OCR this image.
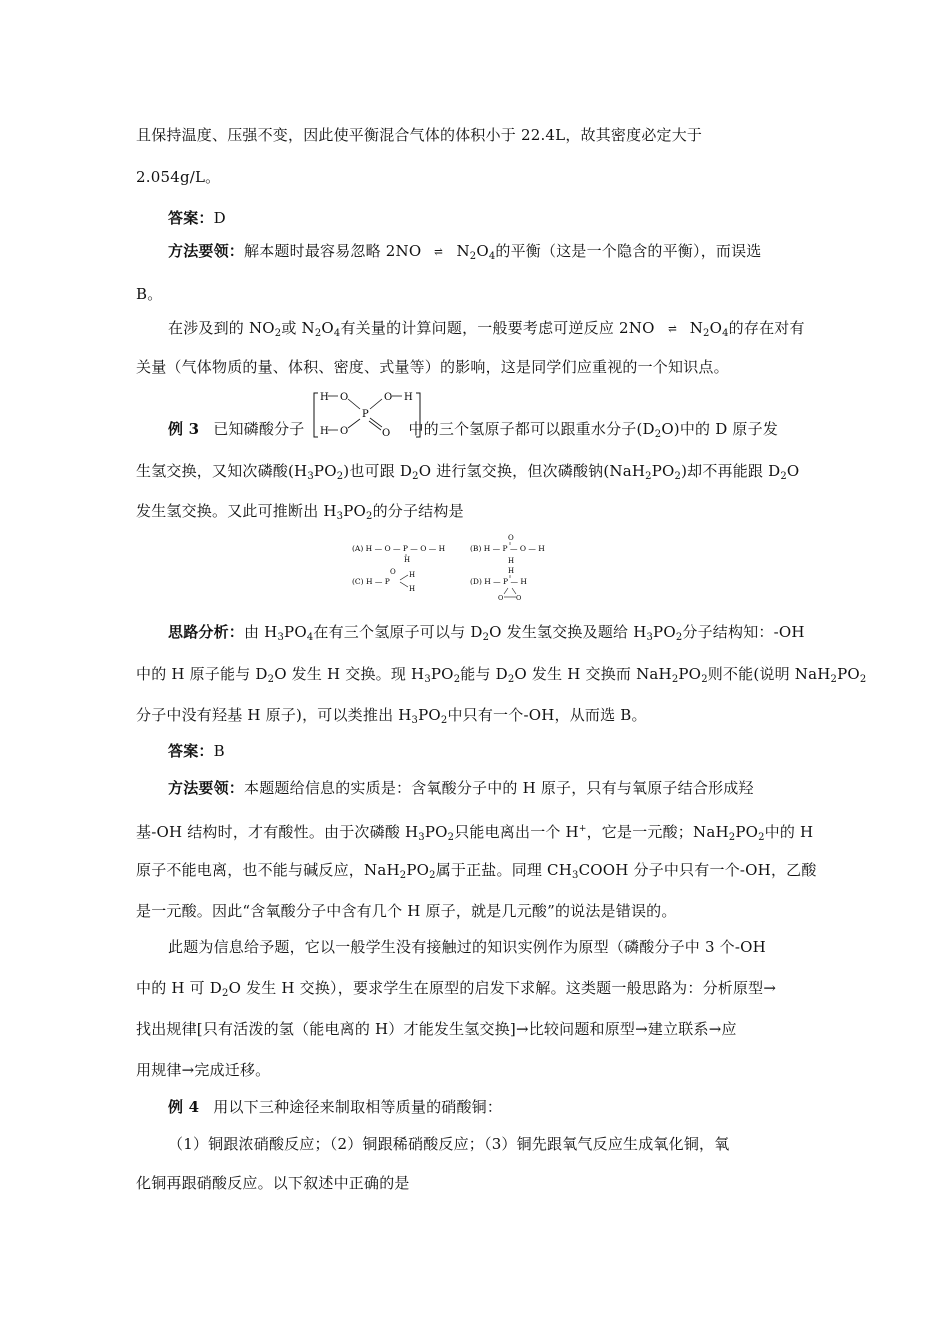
且保持温度、压强不变，因此使平衡混合气体的体积小于 22.4L，故其密度必定大于
2.054g/L。
答案：D
方法要领：解本题时最容易忽略 2NO ⇌ $N_2O_4$的平衡（这是一个隐含的平衡），而误选
B。
在涉及到的 $NO_2$或 $N_2O_4$有关量的计算问题，一般要考虑可逆反应 2NO ⇌ $N_2O_4$的存在对有
关量（气体物质的量、体积、密度、式量等）的影响，这是同学们应重视的一个知识点。
例 3 已知磷酸分子	中的三个氢原子都可以跟重水分子$(D_2O)$中的 D 原子发
H O
P
O H
H O	O
生氢交换，又知次磷酸$(H_3PO_2)$也可跟 $D_2O$ 进行氢交换，但次磷酸钠$(NaH_2PO_2)$却不再能跟 $D_2O$
发生氢交换。又此可推断出 $H_3PO_2$的分子结构是
(A) H — O — P — O — H
H
(B) H — P — O — H
O
H
(C) H — P
O H
H
(D) H — P — H
H
O O
思路分析：由 $H_3PO_4$在有三个氢原子可以与 $D_2O$ 发生氢交换及题给 $H_3PO_2$分子结构知：-OH
中的 H 原子能与 $D_2O$ 发生 H 交换。现 $H_3PO_2$能与 $D_2O$ 发生 H 交换而 $NaH_2PO_2$则不能(说明 $NaH_2PO_2$
分子中没有羟基 H 原子)，可以类推出 $H_3PO_2$中只有一个-OH，从而选 B。
答案：B
方法要领：本题题给信息的实质是：含氧酸分子中的 H 原子，只有与氧原子结合形成羟
基-OH 结构时，才有酸性。由于次磷酸 $H_3PO_2$只能电离出一个 H+，它是一元酸；$NaH_2PO_2$中的 H
原子不能电离，也不能与碱反应，$NaH_2PO_2$属于正盐。同理 $CH_3COOH$ 分子中只有一个-OH，乙酸
是一元酸。因此“含氧酸分子中含有几个 H 原子，就是几元酸”的说法是错误的。
此题为信息给予题，它以一般学生没有接触过的知识实例作为原型（磷酸分子中 3 个-OH
中的 H 可 $D_2O$ 发生 H 交换），要求学生在原型的启发下求解。这类题一般思路为：分析原型→
找出规律[只有活泼的氢（能电离的 H）才能发生氢交换]→比较问题和原型→建立联系→应
用规律→完成迁移。
例 4 用以下三种途径来制取相等质量的硝酸铜：
（1）铜跟浓硝酸反应；（2）铜跟稀硝酸反应；（3）铜先跟氧气反应生成氧化铜，氧
化铜再跟硝酸反应。以下叙述中正确的是
